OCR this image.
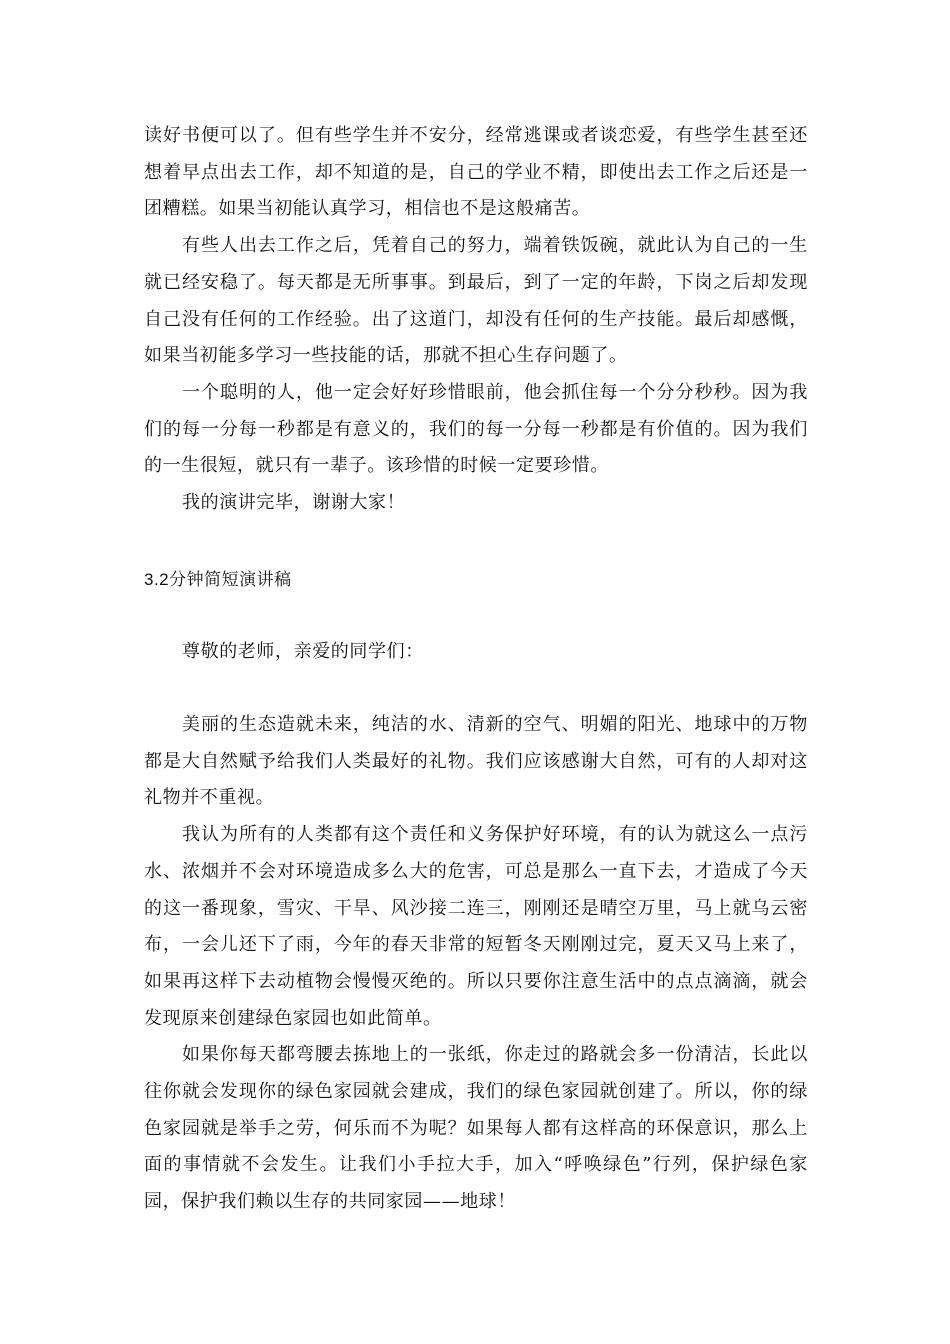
读好书便可以了。但有些学生并不安分，经常逃课或者谈恋爱，有些学生甚至还想着早点出去工作，却不知道的是，自己的学业不精，即使出去工作之后还是一团糟糕。如果当初能认真学习，相信也不是这般痛苦。

有些人出去工作之后，凭着自己的努力，端着铁饭碗，就此认为自己的一生就已经安稳了。每天都是无所事事。到最后，到了一定的年龄，下岗之后却发现自己没有任何的工作经验。出了这道门，却没有任何的生产技能。最后却感慨，如果当初能多学习一些技能的话，那就不担心生存问题了。

一个聪明的人，他一定会好好珍惜眼前，他会抓住每一个分分秒秒。因为我们的每一分每一秒都是有意义的，我们的每一分每一秒都是有价值的。因为我们的一生很短，就只有一辈子。该珍惜的时候一定要珍惜。

我的演讲完毕，谢谢大家！

3.2分钟简短演讲稿
尊敬的老师，亲爱的同学们：

美丽的生态造就未来，纯洁的水、清新的空气、明媚的阳光、地球中的万物都是大自然赋予给我们人类最好的礼物。我们应该感谢大自然，可有的人却对这礼物并不重视。

我认为所有的人类都有这个责任和义务保护好环境，有的认为就这么一点污水、浓烟并不会对环境造成多么大的危害，可总是那么一直下去，才造成了今天的这一番现象，雪灾、干旱、风沙接二连三，刚刚还是晴空万里，马上就乌云密布，一会儿还下了雨，今年的春天非常的短暂冬天刚刚过完，夏天又马上来了，如果再这样下去动植物会慢慢灭绝的。所以只要你注意生活中的点点滴滴，就会发现原来创建绿色家园也如此简单。

如果你每天都弯腰去拣地上的一张纸，你走过的路就会多一份清洁，长此以往你就会发现你的绿色家园就会建成，我们的绿色家园就创建了。所以，你的绿色家园就是举手之劳，何乐而不为呢？如果每人都有这样高的环保意识，那么上面的事情就不会发生。让我们小手拉大手，加入“呼唤绿色”行列，保护绿色家园，保护我们赖以生存的共同家园——地球！
